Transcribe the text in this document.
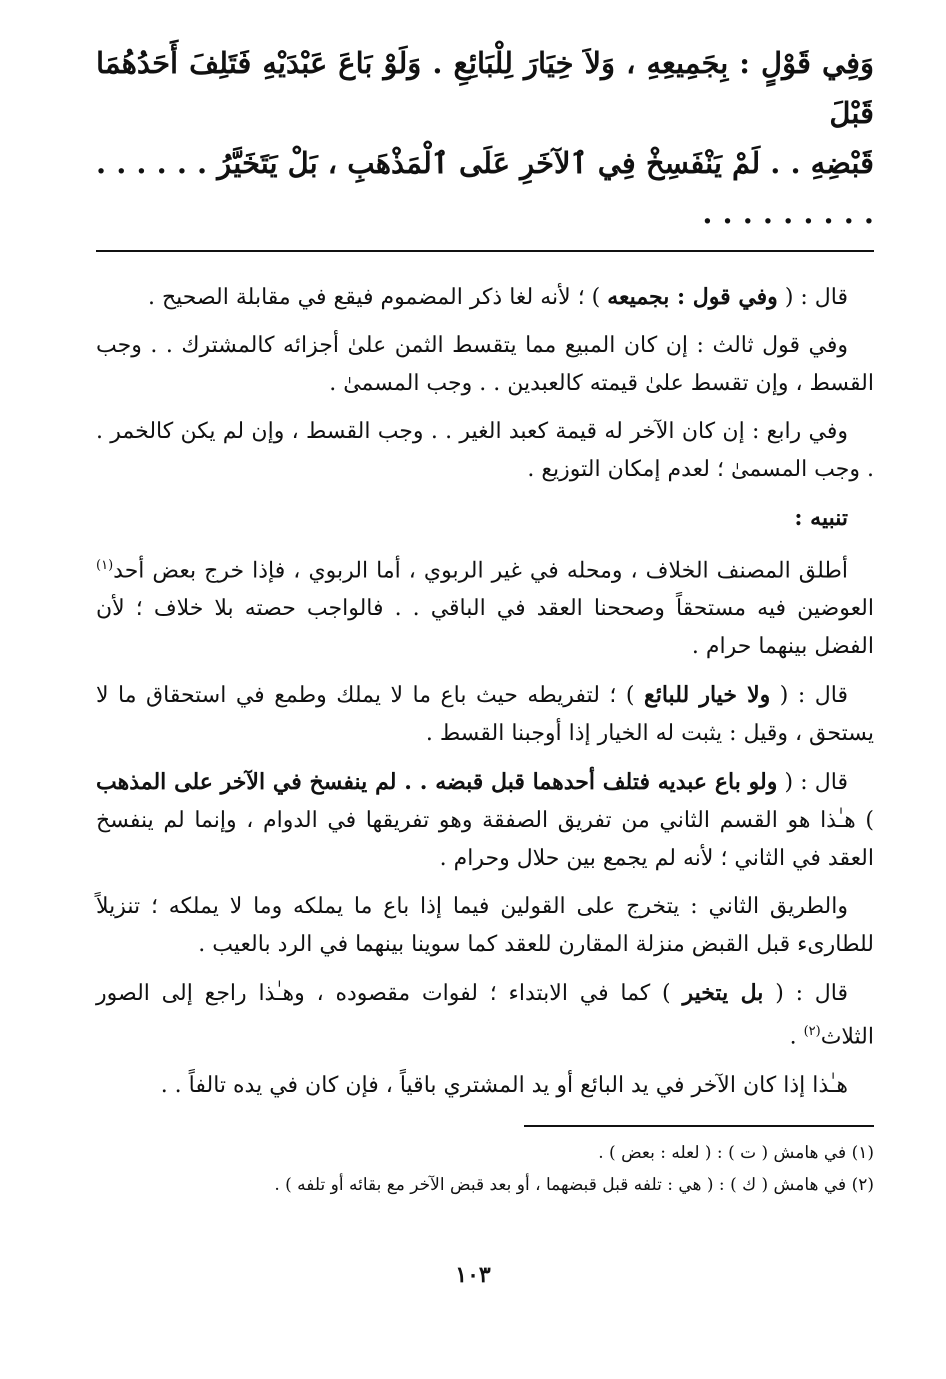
وَفِي قَوْلٍ : بِجَمِيعِهِ ، وَلاَ خِيَارَ لِلْبَائِعِ . وَلَوْ بَاعَ عَبْدَيْهِ فَتَلِفَ أَحَدُهُمَا قَبْلَ

قَبْضِهِ . . لَمْ يَنْفَسِخْ فِي ٱلآخَرِ عَلَى ٱلْمَذْهَبِ ، بَلْ يَتَخَيَّرُ . . . . . . . . . . . . . . .

قال : ( وفي قول : بجميعه ) ؛ لأنه لغا ذكر المضموم فيقع في مقابلة الصحيح .

وفي قول ثالث : إن كان المبيع مما يتقسط الثمن علىٰ أجزائه كالمشترك . . وجب القسط ، وإن تقسط علىٰ قيمته كالعبدين . . وجب المسمىٰ .

وفي رابع : إن كان الآخر له قيمة كعبد الغير . . وجب القسط ، وإن لم يكن كالخمر . . وجب المسمىٰ ؛ لعدم إمكان التوزيع .

تنبيه :

أطلق المصنف الخلاف ، ومحله في غير الربوي ، أما الربوي ، فإذا خرج بعض أحد$^{(١)}$ العوضين فيه مستحقاً وصححنا العقد في الباقي . . فالواجب حصته بلا خلاف ؛ لأن الفضل بينهما حرام .

قال : ( ولا خيار للبائع ) ؛ لتفريطه حيث باع ما لا يملك وطمع في استحقاق ما لا يستحق ، وقيل : يثبت له الخيار إذا أوجبنا القسط .

قال : ( ولو باع عبديه فتلف أحدهما قبل قبضه . . لم ينفسخ في الآخر على المذهب ) هـٰذا هو القسم الثاني من تفريق الصفقة وهو تفريقها في الدوام ، وإنما لم ينفسخ العقد في الثاني ؛ لأنه لم يجمع بين حلال وحرام .

والطريق الثاني : يتخرج على القولين فيما إذا باع ما يملكه وما لا يملكه ؛ تنزيلاً للطارىء قبل القبض منزلة المقارن للعقد كما سوينا بينهما في الرد بالعيب .

قال : ( بل يتخير ) كما في الابتداء ؛ لفوات مقصوده ، وهـٰذا راجع إلى الصور الثلاث$^{(٢)}$ .

هـٰذا إذا كان الآخر في يد البائع أو يد المشتري باقياً ، فإن كان في يده تالفاً . .

(١) في هامش ( ت ) : ( لعله : بعض ) .

(٢) في هامش ( ك ) : ( هي : تلفه قبل قبضهما ، أو بعد قبض الآخر مع بقائه أو تلفه ) .

١٠٣
